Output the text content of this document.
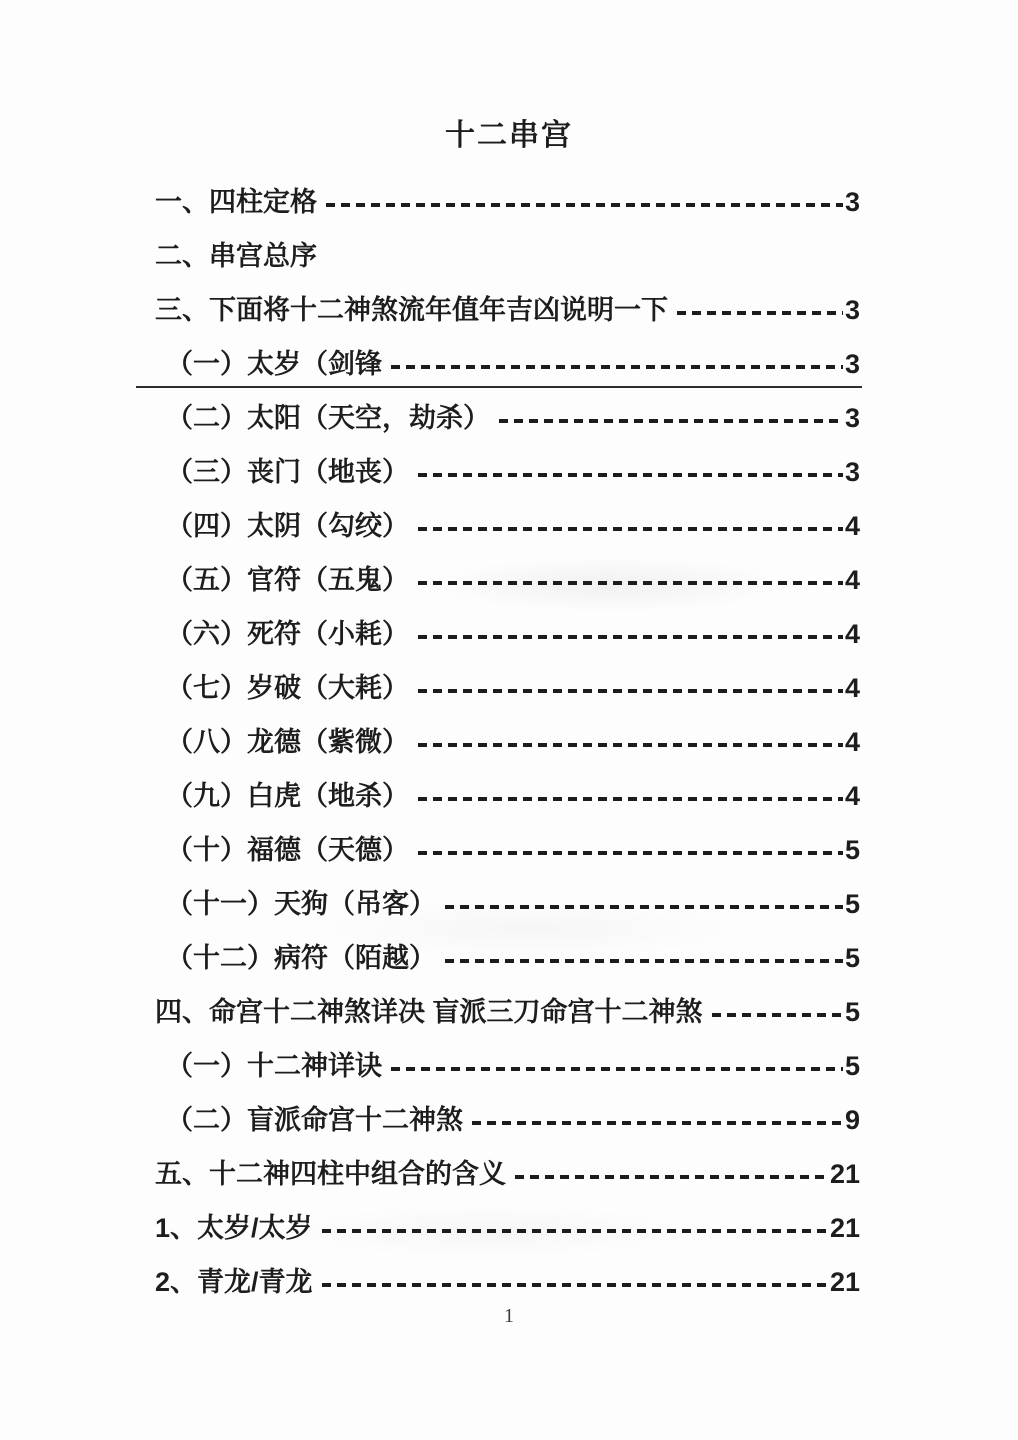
十二串宫
一、四柱定格	3
二、串宫总序
三、下面将十二神煞流年值年吉凶说明一下	3
（一）太岁（剑锋	3
（二）太阳（天空，劫杀）	3
（三）丧门（地丧）	3
（四）太阴（勾绞）	4
（五）官符（五鬼）	4
（六）死符（小耗）	4
（七）岁破（大耗）	4
（八）龙德（紫微）	4
（九）白虎（地杀）	4
（十）福德（天德）	5
（十一）天狗（吊客）	5
（十二）病符（陌越）	5
四、命宫十二神煞详决 盲派三刀命宫十二神煞	5
（一）十二神详诀	5
（二）盲派命宫十二神煞	9
五、十二神四柱中组合的含义	21
1、太岁/太岁	21
2、青龙/青龙	21
1
